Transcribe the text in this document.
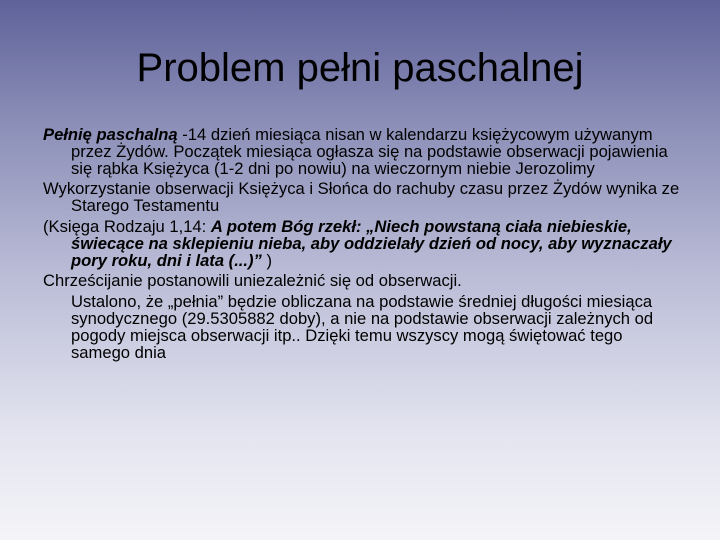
Problem pełni paschalnej

Pełnię paschalną -14 dzień miesiąca nisan w kalendarzu księżycowym używanym przez Żydów. Początek miesiąca ogłasza się na podstawie obserwacji pojawienia się rąbka Księżyca (1-2 dni po nowiu) na wieczornym niebie Jerozolimy

Wykorzystanie obserwacji Księżyca i Słońca do rachuby czasu przez Żydów wynika ze Starego Testamentu

(Księga Rodzaju 1,14: A potem Bóg rzekł: „Niech powstaną ciała niebieskie, świecące na sklepieniu nieba, aby oddzielały dzień od nocy, aby wyznaczały pory roku, dni i lata (...)” )

Chrześcijanie postanowili uniezależnić się od obserwacji.

Ustalono, że „pełnia” będzie obliczana na podstawie średniej długości miesiąca synodycznego (29.5305882 doby), a nie na podstawie obserwacji zależnych od pogody miejsca obserwacji itp.. Dzięki temu wszyscy mogą świętować tego samego dnia
